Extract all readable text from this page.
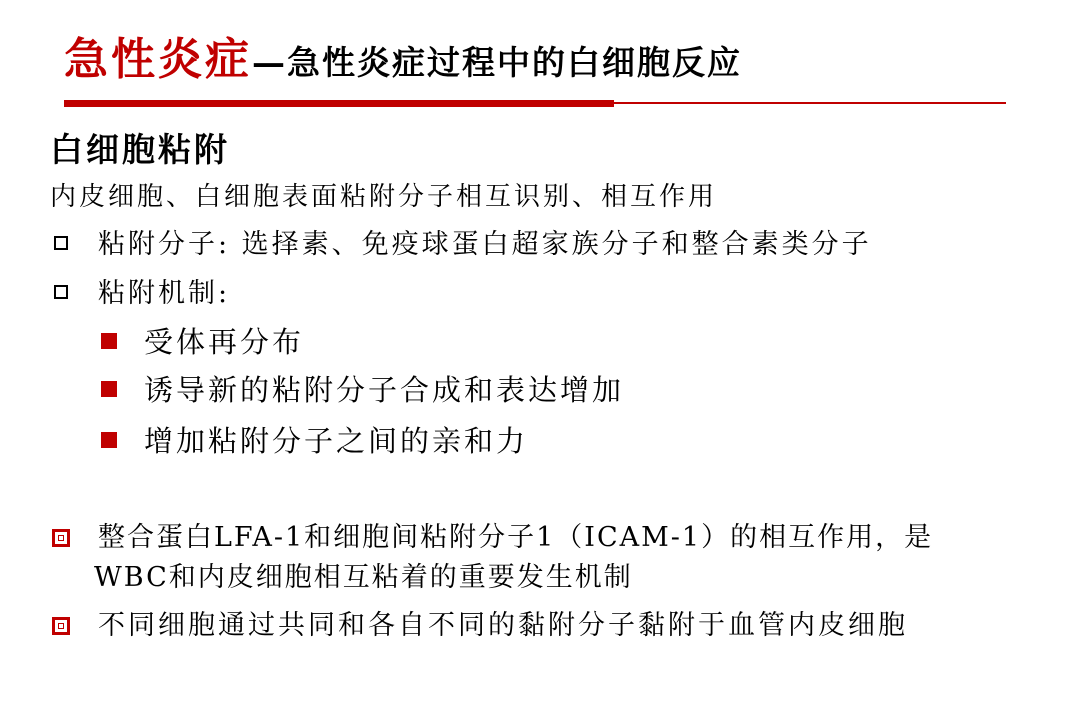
急性炎症—急性炎症过程中的白细胞反应
白细胞粘附
内皮细胞、白细胞表面粘附分子相互识别、相互作用
粘附分子: 选择素、免疫球蛋白超家族分子和整合素类分子
粘附机制:
受体再分布
诱导新的粘附分子合成和表达增加
增加粘附分子之间的亲和力
整合蛋白LFA-1和细胞间粘附分子1（ICAM-1）的相互作用，是
WBC和内皮细胞相互粘着的重要发生机制
不同细胞通过共同和各自不同的黏附分子黏附于血管内皮细胞
